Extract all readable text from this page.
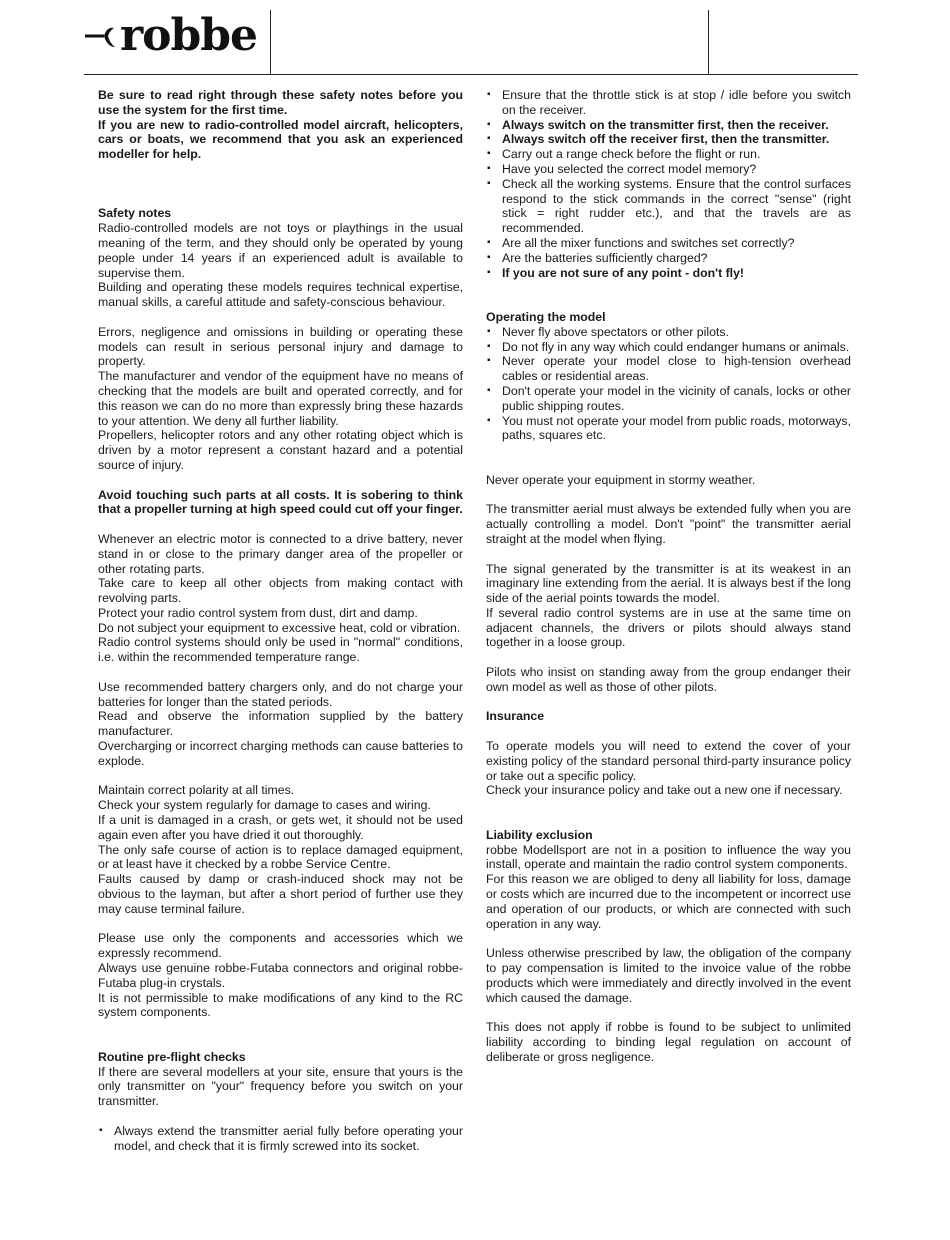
robbe

Be sure to read right through these safety notes before you use the system for the first time.

If you are new to radio-controlled model aircraft, helicopters, cars or boats, we recommend that you ask an experienced modeller for help.

Safety notes

Radio-controlled models are not toys or playthings in the usual meaning of the term, and they should only be operated by young people under 14 years if an experienced adult is available to supervise them.

Building and operating these models requires technical expertise, manual skills, a careful attitude and safety-conscious behaviour.

Errors, negligence and omissions in building or operating these models can result in serious personal injury and damage to property.

The manufacturer and vendor of the equipment have no means of checking that the models are built and operated correctly, and for this reason we can do no more than expressly bring these hazards to your attention. We deny all further liability.

Propellers, helicopter rotors and any other rotating object which is driven by a motor represent a constant hazard and a potential source of injury.

Avoid touching such parts at all costs. It is sobering to think that a propeller turning at high speed could cut off your finger.

Whenever an electric motor is connected to a drive battery, never stand in or close to the primary danger area of the propeller or other rotating parts.

Take care to keep all other objects from making contact with revolving parts.

Protect your radio control system from dust, dirt and damp.

Do not subject your equipment to excessive heat, cold or vibration.

Radio control systems should only be used in "normal" conditions, i.e. within the recommended temperature range.

Use recommended battery chargers only, and do not charge your batteries for longer than the stated periods.

Read and observe the information supplied by the battery manufacturer.

Overcharging or incorrect charging methods can cause batteries to explode.

Maintain correct polarity at all times.

Check your system regularly for damage to cases and wiring.

If a unit is damaged in a crash, or gets wet, it should not be used again even after you have dried it out thoroughly.

The only safe course of action is to replace damaged equipment, or at least have it checked by a robbe Service Centre.

Faults caused by damp or crash-induced shock may not be obvious to the layman, but after a short period of further use they may cause terminal failure.

Please use only the components and accessories which we expressly recommend.

Always use genuine robbe-Futaba connectors and original robbe-Futaba plug-in crystals.

It is not permissible to make modifications of any kind to the RC system components.

Routine pre-flight checks

If there are several modellers at your site, ensure that yours is the only transmitter on "your" frequency before you switch on your transmitter.

▪ Always extend the transmitter aerial fully before operating your model, and check that it is firmly screwed into its socket.
▪ Ensure that the throttle stick is at stop / idle before you switch on the receiver.
▪ Always switch on the transmitter first, then the receiver.
▪ Always switch off the receiver first, then the transmitter.
▪ Carry out a range check before the flight or run.
▪ Have you selected the correct model memory?
▪ Check all the working systems. Ensure that the control surfaces respond to the stick commands in the correct "sense" (right stick = right rudder etc.), and that the travels are as recommended.
▪ Are all the mixer functions and switches set correctly?
▪ Are the batteries sufficiently charged?
▪ If you are not sure of any point - don't fly!

Operating the model

▪ Never fly above spectators or other pilots.
▪ Do not fly in any way which could endanger humans or animals.
▪ Never operate your model close to high-tension overhead cables or residential areas.
▪ Don't operate your model in the vicinity of canals, locks or other public shipping routes.
▪ You must not operate your model from public roads, motorways, paths, squares etc.

Never operate your equipment in stormy weather.

The transmitter aerial must always be extended fully when you are actually controlling a model. Don't "point" the transmitter aerial straight at the model when flying.

The signal generated by the transmitter is at its weakest in an imaginary line extending from the aerial. It is always best if the long side of the aerial points towards the model.

If several radio control systems are in use at the same time on adjacent channels, the drivers or pilots should always stand together in a loose group.

Pilots who insist on standing away from the group endanger their own model as well as those of other pilots.

Insurance

To operate models you will need to extend the cover of your existing policy of the standard personal third-party insurance policy or take out a specific policy.

Check your insurance policy and take out a new one if necessary.

Liability exclusion

robbe Modellsport are not in a position to influence the way you install, operate and maintain the radio control system components.

For this reason we are obliged to deny all liability for loss, damage or costs which are incurred due to the incompetent or incorrect use and operation of our products, or which are connected with such operation in any way.

Unless otherwise prescribed by law, the obligation of the company to pay compensation is limited to the invoice value of the robbe products which were immediately and directly involved in the event which caused the damage.

This does not apply if robbe is found to be subject to unlimited liability according to binding legal regulation on account of deliberate or gross negligence.
